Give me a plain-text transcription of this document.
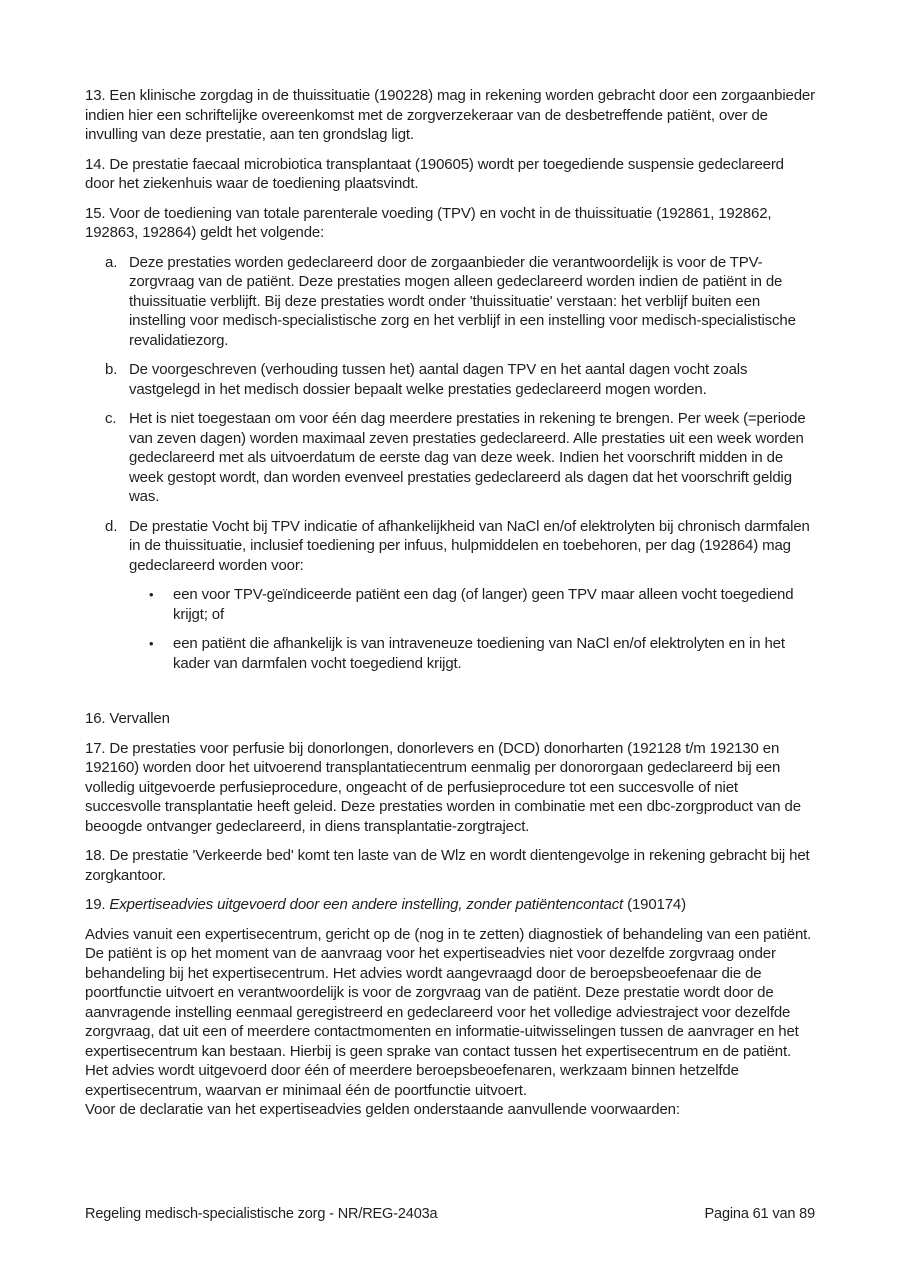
13. Een klinische zorgdag in de thuissituatie (190228) mag in rekening worden gebracht door een zorgaanbieder indien hier een schriftelijke overeenkomst met de zorgverzekeraar van de desbetreffende patiënt, over de invulling van deze prestatie, aan ten grondslag ligt.

14. De prestatie faecaal microbiotica transplantaat (190605) wordt per toegediende suspensie gedeclareerd door het ziekenhuis waar de toediening plaatsvindt.

15. Voor de toediening van totale parenterale voeding (TPV) en vocht in de thuissituatie (192861, 192862, 192863, 192864) geldt het volgende:

a. Deze prestaties worden gedeclareerd door de zorgaanbieder die verantwoordelijk is voor de TPV-zorgvraag van de patiënt. Deze prestaties mogen alleen gedeclareerd worden indien de patiënt in de thuissituatie verblijft. Bij deze prestaties wordt onder 'thuissituatie' verstaan: het verblijf buiten een instelling voor medisch-specialistische zorg en het verblijf in een instelling voor medisch-specialistische revalidatiezorg.
b. De voorgeschreven (verhouding tussen het) aantal dagen TPV en het aantal dagen vocht zoals vastgelegd in het medisch dossier bepaalt welke prestaties gedeclareerd mogen worden.
c. Het is niet toegestaan om voor één dag meerdere prestaties in rekening te brengen. Per week (=periode van zeven dagen) worden maximaal zeven prestaties gedeclareerd. Alle prestaties uit een week worden gedeclareerd met als uitvoerdatum de eerste dag van deze week. Indien het voorschrift midden in de week gestopt wordt, dan worden evenveel prestaties gedeclareerd als dagen dat het voorschrift geldig was.
d. De prestatie Vocht bij TPV indicatie of afhankelijkheid van NaCl en/of elektrolyten bij chronisch darmfalen in de thuissituatie, inclusief toediening per infuus, hulpmiddelen en toebehoren, per dag (192864) mag gedeclareerd worden voor:
•	een voor TPV-geïndiceerde patiënt een dag (of langer) geen TPV maar alleen vocht toegediend krijgt; of
•	een patiënt die afhankelijk is van intraveneuze toediening van NaCl en/of elektrolyten en in het kader van darmfalen vocht toegediend krijgt.

16. Vervallen

17. De prestaties voor perfusie bij donorlongen, donorlevers en (DCD) donorharten (192128 t/m 192130 en 192160) worden door het uitvoerend transplantatiecentrum eenmalig per donororgaan gedeclareerd bij een volledig uitgevoerde perfusieprocedure, ongeacht of de perfusieprocedure tot een succesvolle of niet succesvolle transplantatie heeft geleid. Deze prestaties worden in combinatie met een dbc-zorgproduct van de beoogde ontvanger gedeclareerd, in diens transplantatie-zorgtraject.

18. De prestatie 'Verkeerde bed' komt ten laste van de Wlz en wordt dientengevolge in rekening gebracht bij het zorgkantoor.

19. Expertiseadvies uitgevoerd door een andere instelling, zonder patiëntencontact (190174)

Advies vanuit een expertisecentrum, gericht op de (nog in te zetten) diagnostiek of behandeling van een patiënt. De patiënt is op het moment van de aanvraag voor het expertiseadvies niet voor dezelfde zorgvraag onder behandeling bij het expertisecentrum. Het advies wordt aangevraagd door de beroepsbeoefenaar die de poortfunctie uitvoert en verantwoordelijk is voor de zorgvraag van de patiënt. Deze prestatie wordt door de aanvragende instelling eenmaal geregistreerd en gedeclareerd voor het volledige adviestraject voor dezelfde zorgvraag, dat uit een of meerdere contactmomenten en informatie-uitwisselingen tussen de aanvrager en het expertisecentrum kan bestaan. Hierbij is geen sprake van contact tussen het expertisecentrum en de patiënt. Het advies wordt uitgevoerd door één of meerdere beroepsbeoefenaren, werkzaam binnen hetzelfde expertisecentrum, waarvan er minimaal één de poortfunctie uitvoert.

Voor de declaratie van het expertiseadvies gelden onderstaande aanvullende voorwaarden:

Regeling medisch-specialistische zorg - NR/REG-2403a	Pagina 61 van 89
